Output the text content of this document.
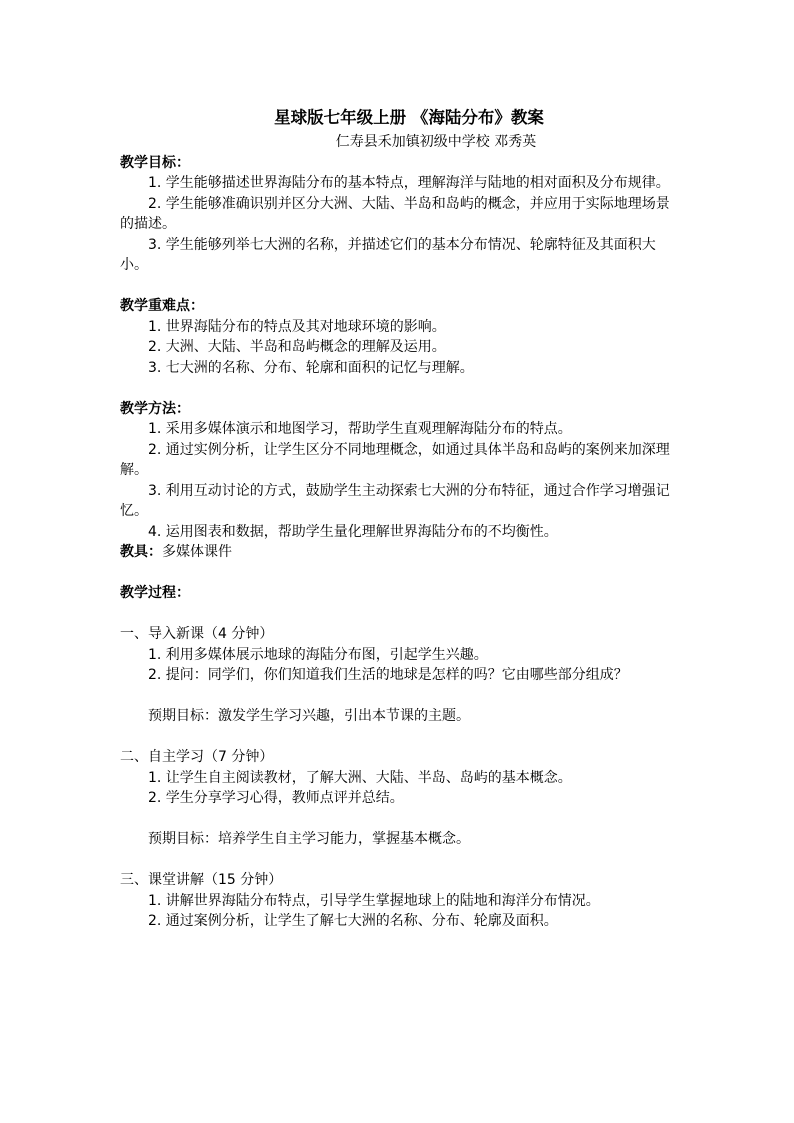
星球版七年级上册 《海陆分布》教案

仁寿县禾加镇初级中学校 邓秀英

教学目标：

1. 学生能够描述世界海陆分布的基本特点，理解海洋与陆地的相对面积及分布规律。

2. 学生能够准确识别并区分大洲、大陆、半岛和岛屿的概念，并应用于实际地理场景的描述。

3. 学生能够列举七大洲的名称，并描述它们的基本分布情况、轮廓特征及其面积大小。

教学重难点：

1. 世界海陆分布的特点及其对地球环境的影响。

2. 大洲、大陆、半岛和岛屿概念的理解及运用。

3. 七大洲的名称、分布、轮廓和面积的记忆与理解。

教学方法：

1. 采用多媒体演示和地图学习，帮助学生直观理解海陆分布的特点。

2. 通过实例分析，让学生区分不同地理概念，如通过具体半岛和岛屿的案例来加深理解。

3. 利用互动讨论的方式，鼓励学生主动探索七大洲的分布特征，通过合作学习增强记忆。

4. 运用图表和数据，帮助学生量化理解世界海陆分布的不均衡性。

教具：多媒体课件

教学过程：

一、导入新课（4 分钟）

1. 利用多媒体展示地球的海陆分布图，引起学生兴趣。

2. 提问：同学们，你们知道我们生活的地球是怎样的吗？它由哪些部分组成？

预期目标：激发学生学习兴趣，引出本节课的主题。

二、自主学习（7 分钟）

1. 让学生自主阅读教材，了解大洲、大陆、半岛、岛屿的基本概念。

2. 学生分享学习心得，教师点评并总结。

预期目标：培养学生自主学习能力，掌握基本概念。

三、课堂讲解（15 分钟）

1. 讲解世界海陆分布特点，引导学生掌握地球上的陆地和海洋分布情况。

2. 通过案例分析，让学生了解七大洲的名称、分布、轮廓及面积。
